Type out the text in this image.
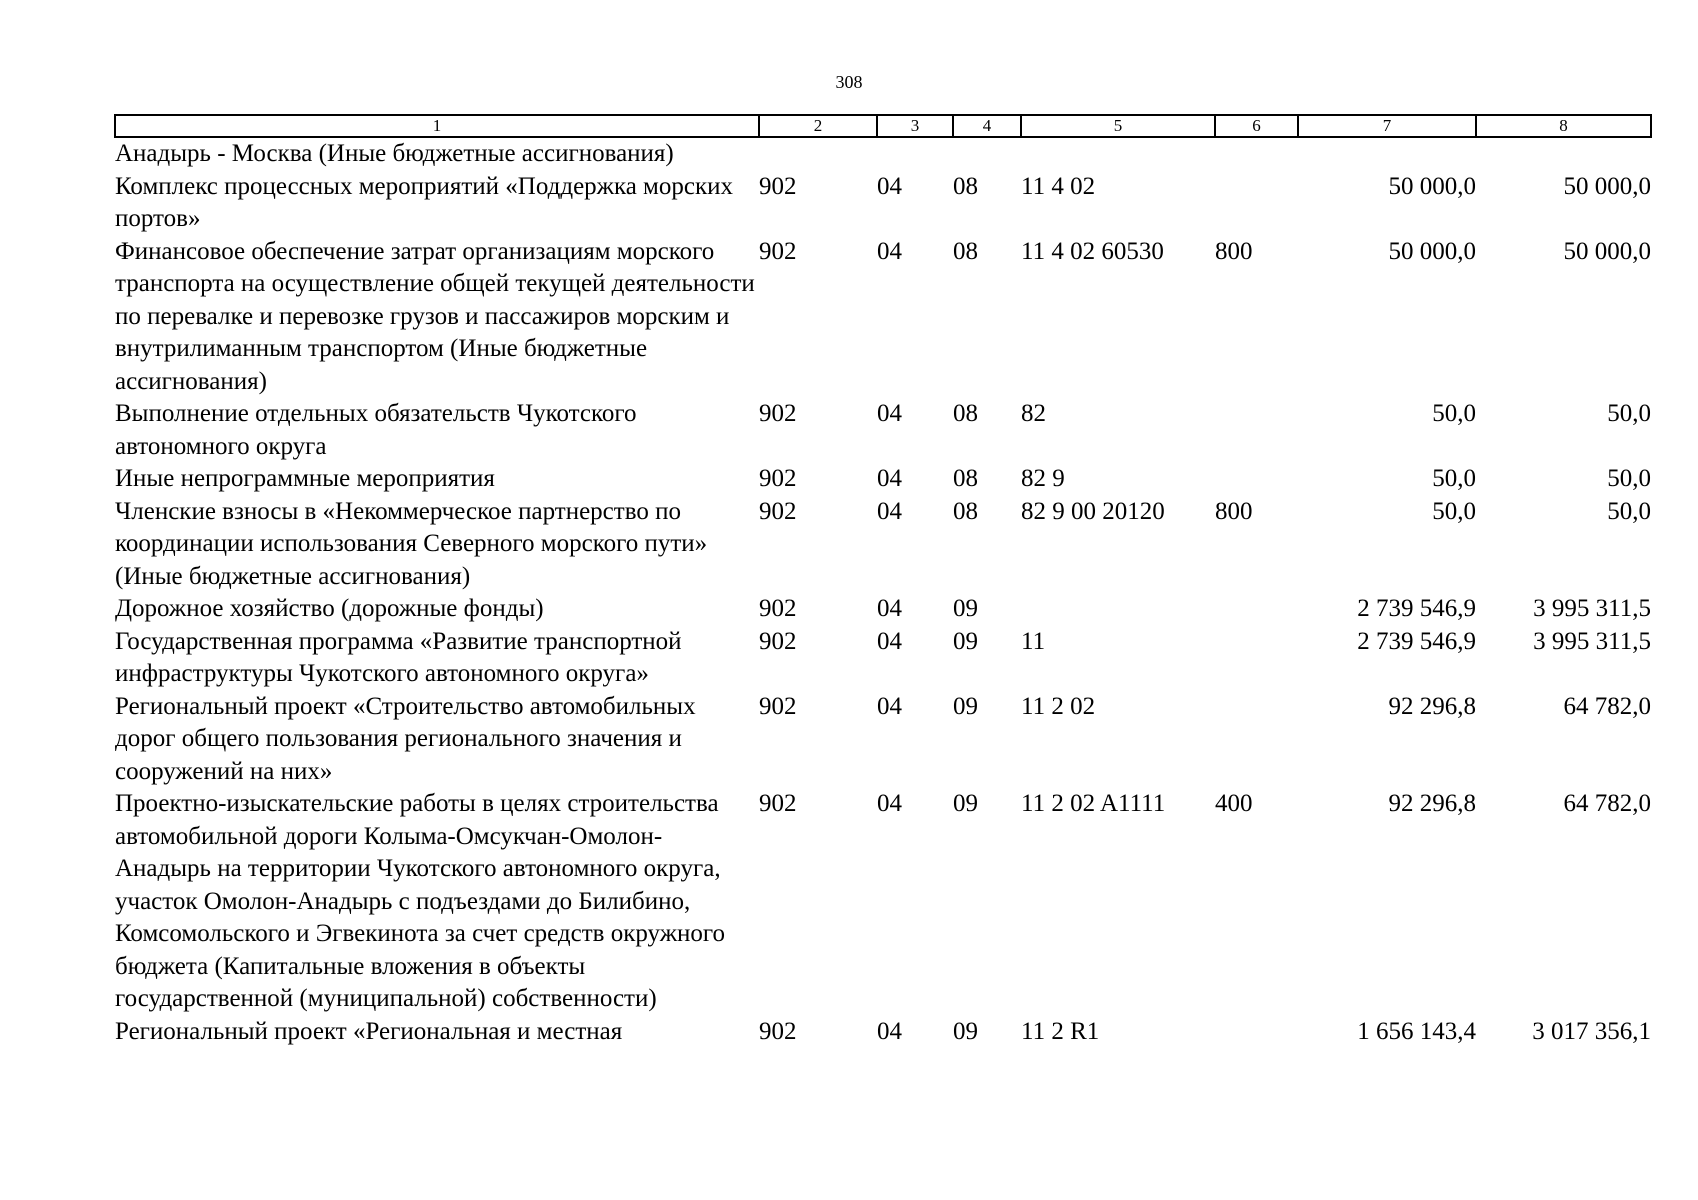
308
1	2	3	4	5	6	7	8
Анадырь - Москва (Иные бюджетные ассигнования)							
Комплекс процессных мероприятий «Поддержка морских портов»	902	04	08	11 4 02		50 000,0	50 000,0
Финансовое обеспечение затрат организациям морского транспорта на осуществление общей текущей деятельности по перевалке и перевозке грузов и пассажиров морским и внутрилиманным транспортом (Иные бюджетные ассигнования)	902	04	08	11 4 02 60530	800	50 000,0	50 000,0
Выполнение отдельных обязательств Чукотского автономного округа	902	04	08	82		50,0	50,0
Иные непрограммные мероприятия	902	04	08	82 9		50,0	50,0
Членские взносы в «Некоммерческое партнерство по координации использования Северного морского пути» (Иные бюджетные ассигнования)	902	04	08	82 9 00 20120	800	50,0	50,0
Дорожное хозяйство (дорожные фонды)	902	04	09			2 739 546,9	3 995 311,5
Государственная программа «Развитие транспортной инфраструктуры Чукотского автономного округа»	902	04	09	11		2 739 546,9	3 995 311,5
Региональный проект «Строительство автомобильных дорог общего пользования регионального значения и сооружений на них»	902	04	09	11 2 02		92 296,8	64 782,0
Проектно-изыскательские работы в целях строительства автомобильной дороги Колыма-Омсукчан-Омолон-Анадырь на территории Чукотского автономного округа, участок Омолон-Анадырь с подъездами до Билибино, Комсомольского и Эгвекинота за счет средств окружного бюджета (Капитальные вложения в объекты государственной (муниципальной) собственности)	902	04	09	11 2 02 A1111	400	92 296,8	64 782,0
Региональный проект «Региональная и местная	902	04	09	11 2 R1		1 656 143,4	3 017 356,1
